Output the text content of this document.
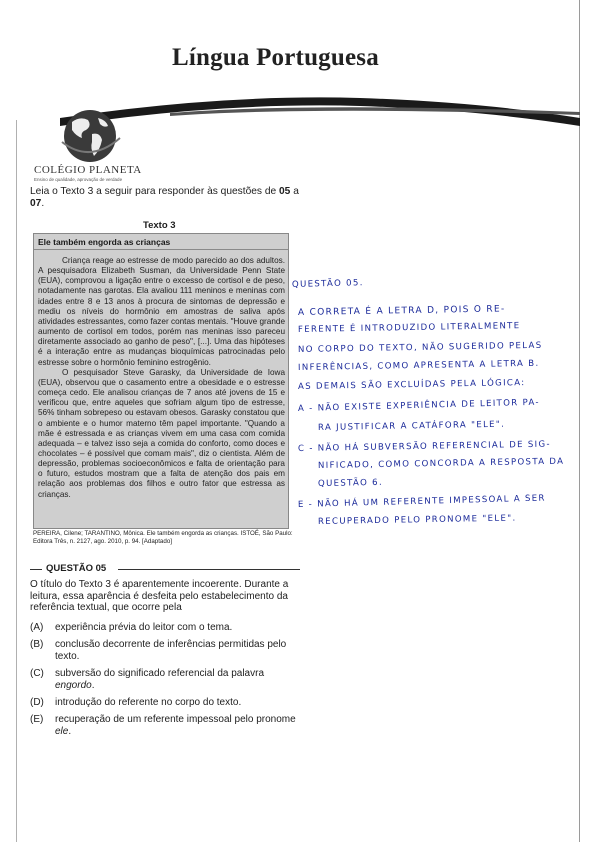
Língua Portuguesa
COLÉGIO PLANETA
Ensino de qualidade, aprovação de verdade
Leia o Texto 3 a seguir para responder às questões de 05 a 07.
Texto 3
Ele também engorda as crianças

Criança reage ao estresse de modo parecido ao dos adultos. A pesquisadora Elizabeth Susman, da Universidade Penn State (EUA), comprovou a ligação entre o excesso de cortisol e de peso, notadamente nas garotas. Ela avaliou 111 meninos e meninas com idades entre 8 e 13 anos à procura de sintomas de depressão e mediu os níveis do hormônio em amostras de saliva após atividades estressantes, como fazer contas mentais. "Houve grande aumento de cortisol em todos, porém nas meninas isso pareceu diretamente associado ao ganho de peso", [...]. Uma das hipóteses é a interação entre as mudanças bioquímicas patrocinadas pelo estresse sobre o hormônio feminino estrogênio.

O pesquisador Steve Garasky, da Universidade de Iowa (EUA), observou que o casamento entre a obesidade e o estresse começa cedo. Ele analisou crianças de 7 anos até jovens de 15 e verificou que, entre aqueles que sofriam algum tipo de estresse, 56% tinham sobrepeso ou estavam obesos. Garasky constatou que o ambiente e o humor materno têm papel importante. "Quando a mãe é estressada e as crianças vivem em uma casa com comida adequada – e talvez isso seja a comida do conforto, como doces e chocolates – é possível que comam mais", diz o cientista. Além de depressão, problemas socioeconômicos e falta de orientação para o futuro, estudos mostram que a falta de atenção dos pais em relação aos problemas dos filhos e outro fator que estressa as crianças.

PEREIRA, Cilene; TARANTINO, Mônica. Ele também engorda as crianças. ISTOÉ, São Paulo: Editora Três, n. 2127, ago. 2010, p. 94. [Adaptado]
QUESTÃO 05
O título do Texto 3 é aparentemente incoerente. Durante a leitura, essa aparência é desfeita pelo estabelecimento da referência textual, que ocorre pela
(A)	experiência prévia do leitor com o tema.
(B)	conclusão decorrente de inferências permitidas pelo texto.
(C)	subversão do significado referencial da palavra engordo.
(D)	introdução do referente no corpo do texto.
(E)	recuperação de um referente impessoal pelo pronome ele.
QUESTÃO 05.
A CORRETA É A LETRA D, POIS O RE-
FERENTE É INTRODUZIDO LITERALMENTE
NO CORPO DO TEXTO, NÃO SUGERIDO PELAS
INFERÊNCIAS, COMO APRESENTA A LETRA B.
AS DEMAIS SÃO EXCLUÍDAS PELA LÓGICA:
A - NÃO EXISTE EXPERIÊNCIA DE LEITOR PA-
RA JUSTIFICAR A CATÁFORA "ELE".
C - NÃO HÁ SUBVERSÃO REFERENCIAL DE SIG-
NIFICADO, COMO CONCORDA A RESPOSTA DA
QUESTÃO 6.
E - NÃO HÁ UM REFERENTE IMPESSOAL A SER
RECUPERADO PELO PRONOME "ELE".
